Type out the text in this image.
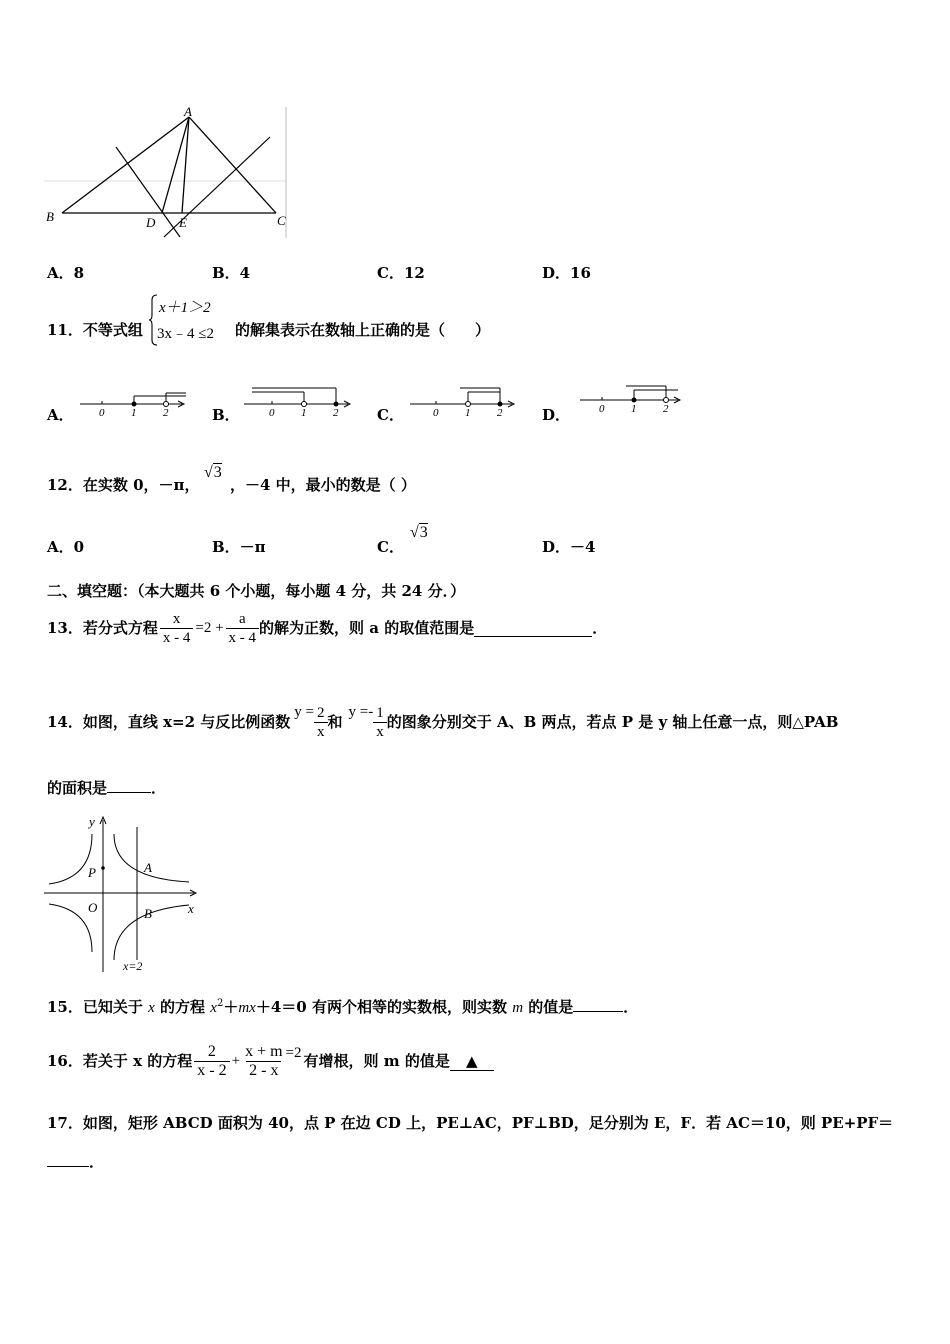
A
B	C
D E
A．8	B．4	C．12	D．16
11．不等式组
x＋1＞2
3x﹣4 ≤2 的解集表示在数轴上正确的是（　　）
A．	B．	C．	D．
0 1 2	0 1 2	0 1 2	0 1 2
12．在实数 0，－π，
√3
，－4 中，最小的数是（ ）
A．0	B．－π	C．
√3
D．－4
二、填空题：（本大题共 6 个小题，每小题 4 分，共 24 分．）
13．若分式方程 $\frac{x}{x - 4} =2 + \frac{a}{x - 4}$ 的解为正数，则 a 的取值范围是	．
14．如图，直线 x=2 与反比例函数
$y = \frac{2}{x}$ 和
$y =- \frac{1}{x}$ 的图象分别交于 A、B 两点，若点 P 是 y 轴上任意一点，则△PAB
的面积是	．
y
x
O
P	A
B
x=2
15．已知关于 x 的方程 $x^2+mx+4=0$ 有两个相等的实数根，则实数 m 的值是	．
16．若关于 x 的方程 $\frac{2}{x - 2} + \frac{x + m}{2 - x} =2$ 有增根，则 m 的值是	▲
17．如图，矩形 ABCD 面积为 40，点 P 在边 CD 上，PE⊥AC，PF⊥BD，足分别为 E，F．若 AC＝10，则 PE+PF＝
．
